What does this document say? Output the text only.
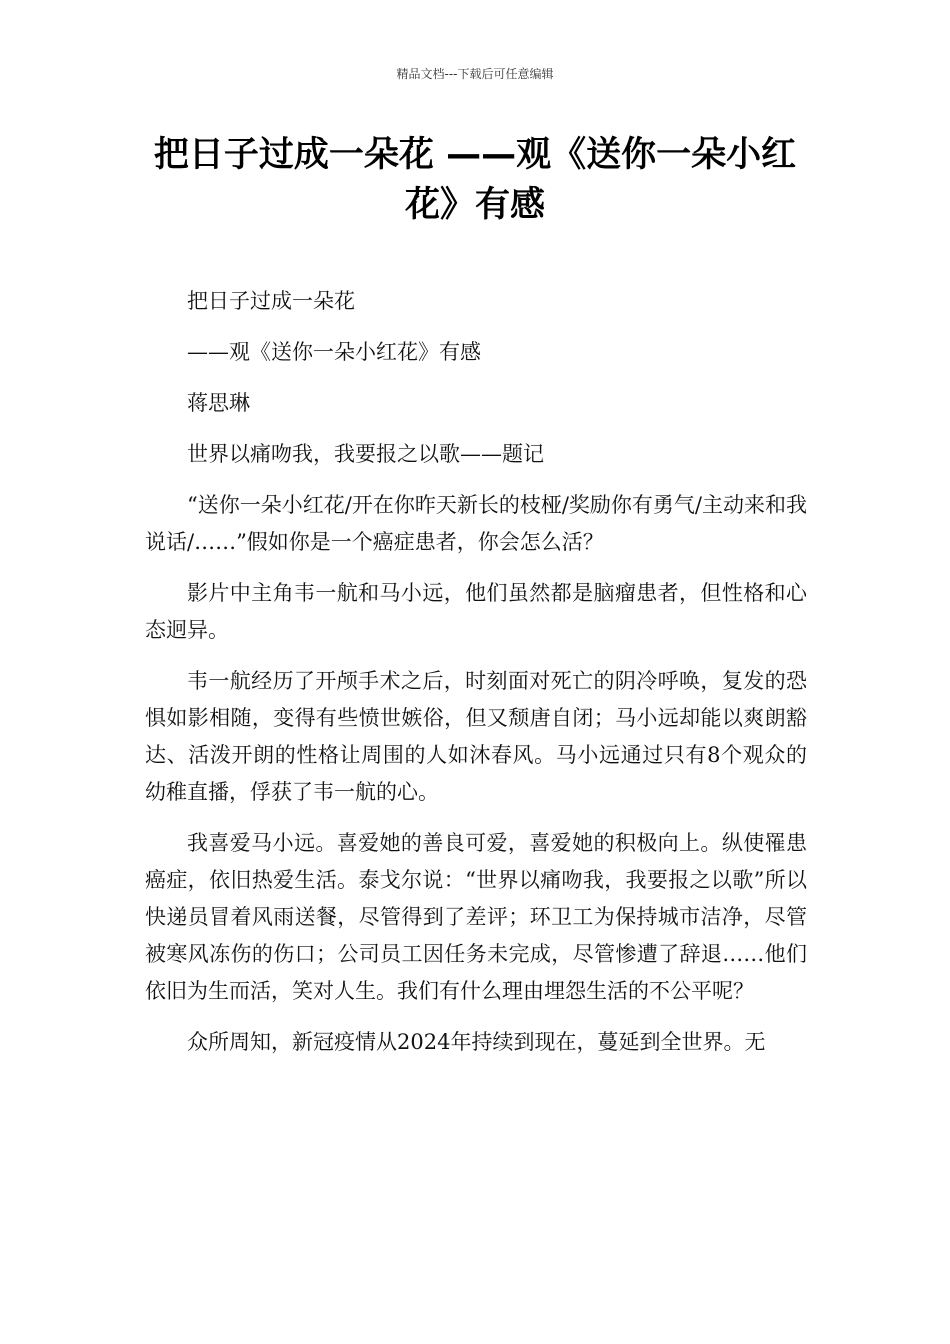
精品文档---下载后可任意编辑
把日子过成一朵花 ——观《送你一朵小红花》有感

把日子过成一朵花

——观《送你一朵小红花》有感

蒋思琳

世界以痛吻我，我要报之以歌——题记

“送你一朵小红花/开在你昨天新长的枝桠/奖励你有勇气/主动来和我说话/……”假如你是一个癌症患者，你会怎么活？

影片中主角韦一航和马小远，他们虽然都是脑瘤患者，但性格和心态迥异。

韦一航经历了开颅手术之后，时刻面对死亡的阴冷呼唤，复发的恐惧如影相随，变得有些愤世嫉俗，但又颓唐自闭；马小远却能以爽朗豁达、活泼开朗的性格让周围的人如沐春风。马小远通过只有8个观众的幼稚直播，俘获了韦一航的心。

我喜爱马小远。喜爱她的善良可爱，喜爱她的积极向上。纵使罹患癌症，依旧热爱生活。泰戈尔说：“世界以痛吻我，我要报之以歌”所以快递员冒着风雨送餐，尽管得到了差评；环卫工为保持城市洁净，尽管被寒风冻伤的伤口；公司员工因任务未完成，尽管惨遭了辞退……他们依旧为生而活，笑对人生。我们有什么理由埋怨生活的不公平呢？

众所周知，新冠疫情从2024年持续到现在，蔓延到全世界。无
